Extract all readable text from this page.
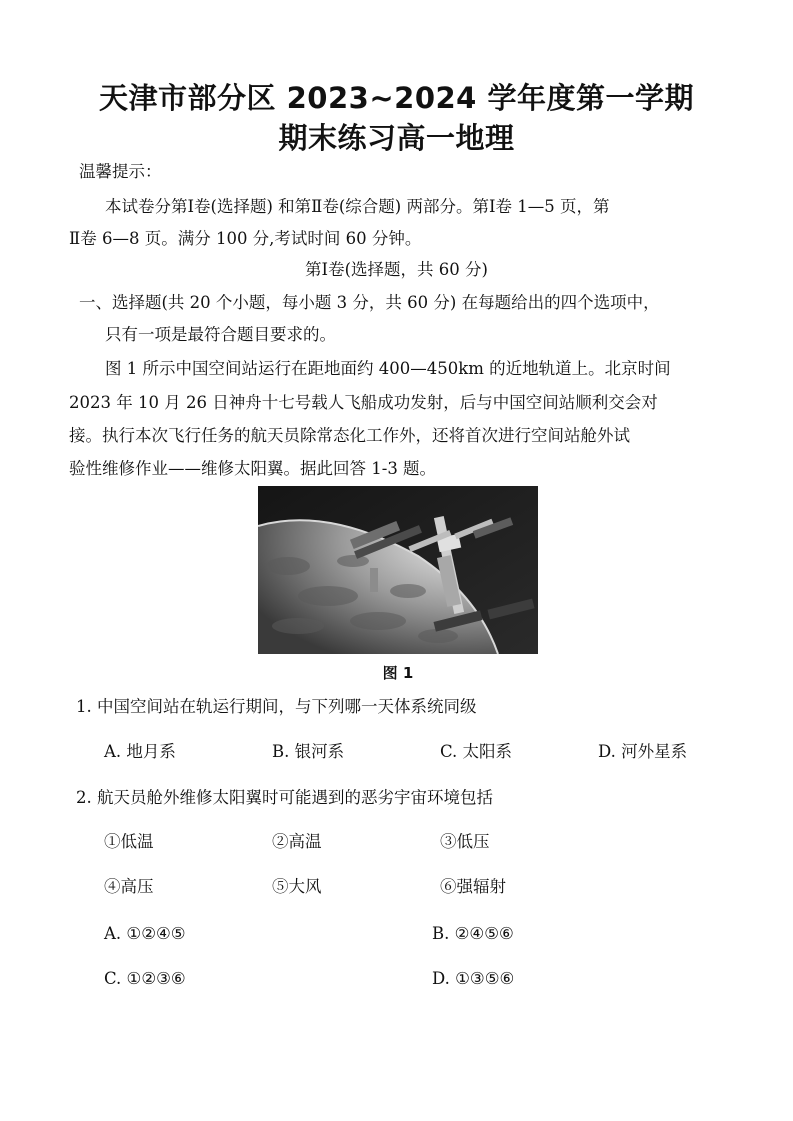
天津市部分区 2023~2024 学年度第一学期
期末练习高一地理
温馨提示：
本试卷分第Ⅰ卷(选择题) 和第Ⅱ卷(综合题) 两部分。第Ⅰ卷 1—5 页，第
Ⅱ卷 6—8 页。满分 100 分,考试时间 60 分钟。
第Ⅰ卷(选择题，共 60 分)
一、选择题(共 20 个小题，每小题 3 分，共 60 分) 在每题给出的四个选项中，
只有一项是最符合题目要求的。
图 1 所示中国空间站运行在距地面约 400—450km 的近地轨道上。北京时间
2023 年 10 月 26 日神舟十七号载人飞船成功发射，后与中国空间站顺利交会对
接。执行本次飞行任务的航天员除常态化工作外，还将首次进行空间站舱外试
验性维修作业——维修太阳翼。据此回答 1-3 题。
图 1
1. 中国空间站在轨运行期间，与下列哪一天体系统同级
A. 地月系	B. 银河系	C. 太阳系	D. 河外星系
2. 航天员舱外维修太阳翼时可能遇到的恶劣宇宙环境包括
①低温	②高温	③低压
④高压	⑤大风	⑥强辐射
A. ①②④⑤	B. ②④⑤⑥
C. ①②③⑥	D. ①③⑤⑥
